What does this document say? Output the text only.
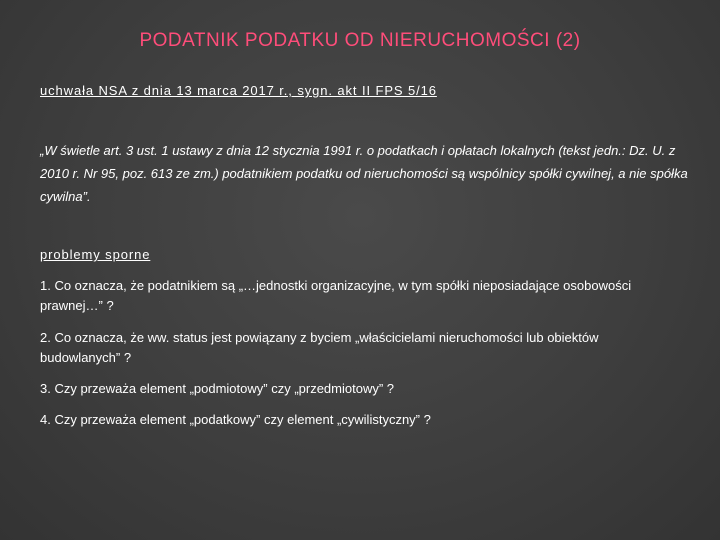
PODATNIK PODATKU OD NIERUCHOMOŚCI (2)
uchwała NSA z dnia 13 marca 2017 r., sygn. akt II FPS 5/16
„W świetle art. 3 ust. 1 ustawy z dnia 12 stycznia 1991 r. o podatkach i opłatach lokalnych (tekst jedn.: Dz. U. z 2010 r. Nr 95, poz. 613 ze zm.) podatnikiem podatku od nieruchomości są wspólnicy spółki cywilnej, a nie spółka cywilna”.
problemy sporne
1. Co oznacza, że podatnikiem są „…jednostki organizacyjne, w tym spółki nieposiadające osobowości prawnej…” ?
2. Co oznacza, że ww. status jest powiązany z byciem „właścicielami nieruchomości lub obiektów budowlanych” ?
3. Czy przeważa element „podmiotowy” czy „przedmiotowy” ?
4. Czy przeważa element „podatkowy” czy element „cywilistyczny” ?
